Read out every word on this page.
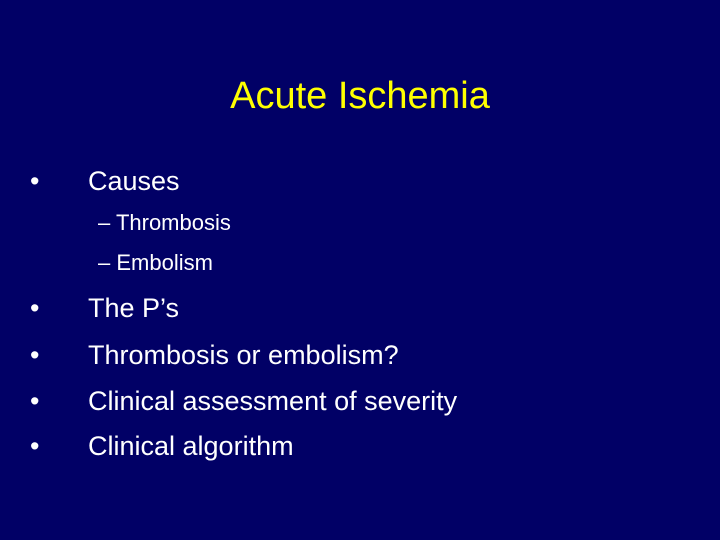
Acute Ischemia
• Causes
– Thrombosis
– Embolism
• The P’s
• Thrombosis or embolism?
• Clinical assessment of severity
• Clinical algorithm
